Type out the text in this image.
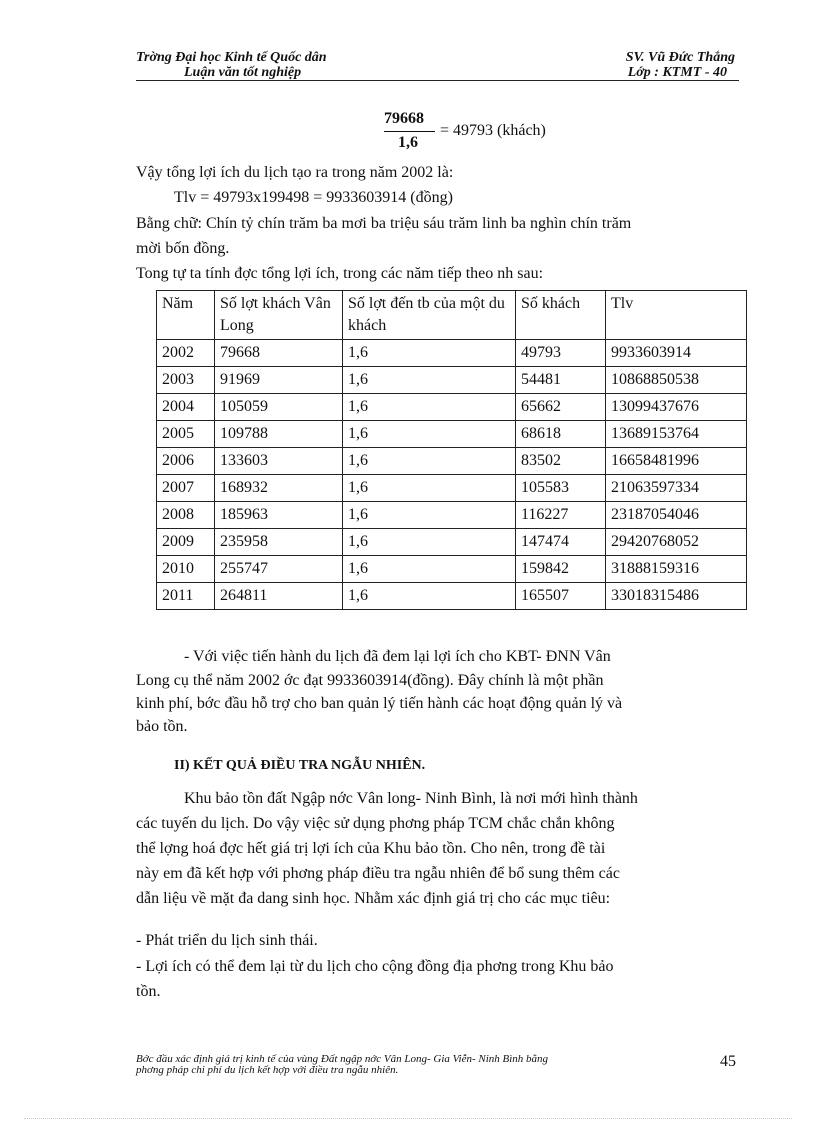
Trờng Đại học Kinh tế Quốc dân
Luận văn tốt nghiệp
SV. Vũ Đức Thắng
Lớp : KTMT - 40
79668
1,6
= 49793 (khách)
Vậy tổng lợi ích du lịch tạo ra trong năm 2002 là:
Tlv = 49793x199498 = 9933603914 (đồng)
Bằng chữ: Chín tỷ chín trăm ba mơi ba triệu sáu trăm linh ba nghìn chín trăm
mời bốn đồng.
Tong tự ta tính đợc tổng lợi ích, trong các năm tiếp theo nh sau:
Năm	Số lợt khách Vân Long	Số lợt đến tb của một du khách	Số khách	Tlv
2002	79668	1,6	49793	9933603914
2003	91969	1,6	54481	10868850538
2004	105059	1,6	65662	13099437676
2005	109788	1,6	68618	13689153764
2006	133603	1,6	83502	16658481996
2007	168932	1,6	105583	21063597334
2008	185963	1,6	116227	23187054046
2009	235958	1,6	147474	29420768052
2010	255747	1,6	159842	31888159316
2011	264811	1,6	165507	33018315486
- Với việc tiến hành du lịch đã đem lại lợi ích cho KBT- ĐNN Vân
Long cụ thể năm 2002 ớc đạt 9933603914(đồng). Đây chính là một phần
kinh phí, bớc đầu hỗ trợ cho ban quản lý tiến hành các hoạt động quản lý và
bảo tồn.
II) KẾT QUẢ ĐIỀU TRA NGẪU NHIÊN.
Khu bảo tồn đất Ngập nớc Vân long- Ninh Bình, là nơi mới hình thành
các tuyến du lịch. Do vậy việc sử dụng phơng pháp TCM chắc chắn không
thể lợng hoá đợc hết giá trị lợi ích của Khu bảo tồn. Cho nên, trong đề tài
này em đã kết hợp với phơng pháp điều tra ngẫu nhiên để bổ sung thêm các
dẫn liệu về mặt đa dang sinh học. Nhằm xác định giá trị cho các mục tiêu:
- Phát triển du lịch sinh thái.
- Lợi ích có thể đem lại từ du lịch cho cộng đồng địa phơng trong Khu bảo
tồn.
Bớc đầu xác định giá trị kinh tế của vùng Đất ngập nớc Vân Long- Gia Viễn- Ninh Bình bằng
phơng pháp chi phí du lịch kết hợp với điều tra ngẫu nhiên.	45
